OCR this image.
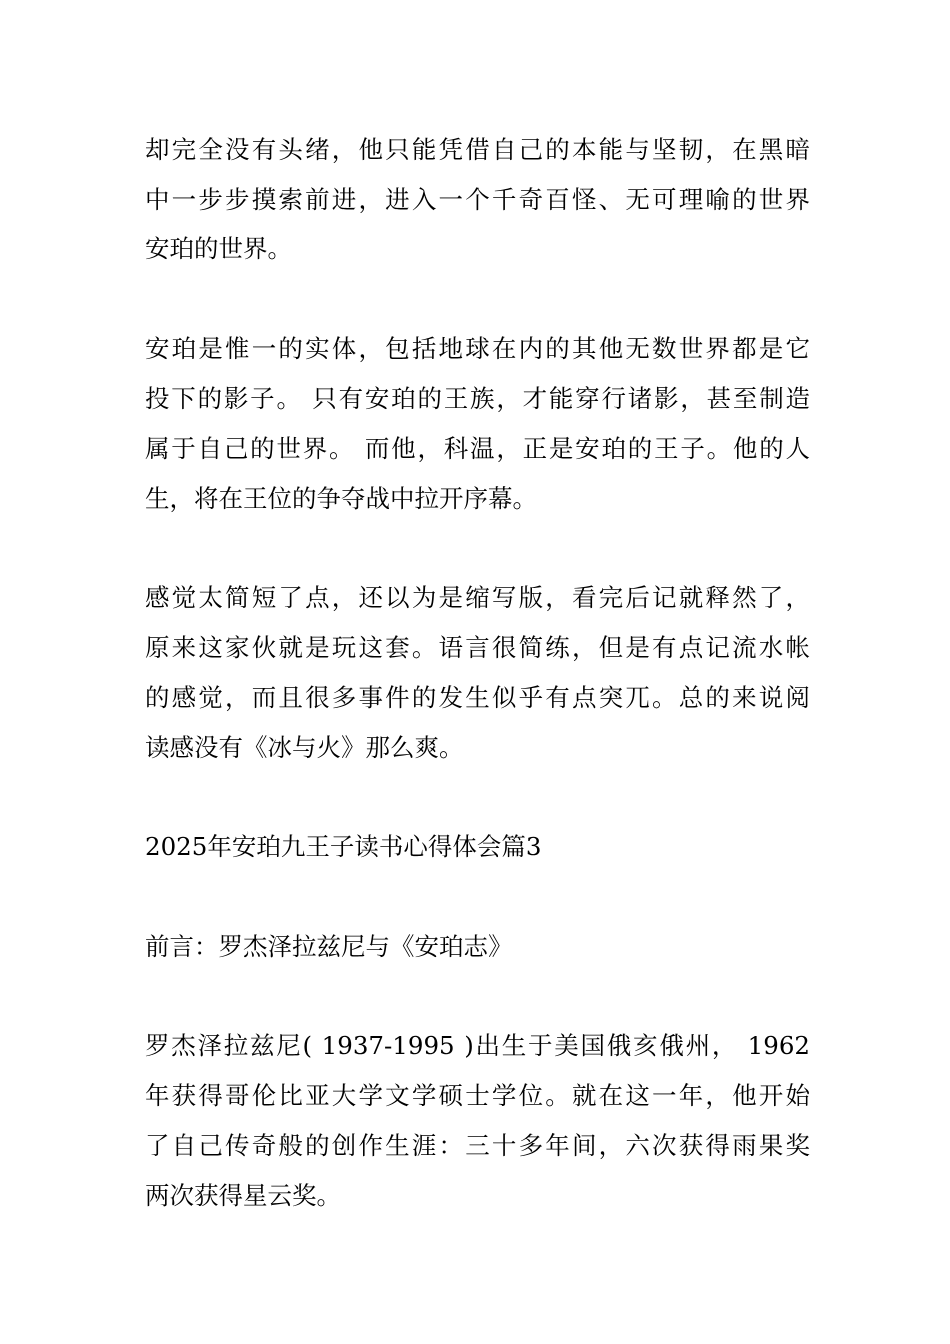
却完全没有头绪，他只能凭借自己的本能与坚韧，在黑暗
中一步步摸索前进，进入一个千奇百怪、无可理喻的世界
安珀的世界。
安珀是惟一的实体，包括地球在内的其他无数世界都是它
投下的影子。 只有安珀的王族，才能穿行诸影，甚至制造
属于自己的世界。 而他，科温，正是安珀的王子。他的人
生，将在王位的争夺战中拉开序幕。
感觉太简短了点，还以为是缩写版，看完后记就释然了，
原来这家伙就是玩这套。语言很简练，但是有点记流水帐
的感觉，而且很多事件的发生似乎有点突兀。总的来说阅
读感没有《冰与火》那么爽。
2025年安珀九王子读书心得体会篇3
前言：罗杰泽拉兹尼与《安珀志》
罗杰泽拉兹尼( 1937-1995 )出生于美国俄亥俄州， 1962
年获得哥伦比亚大学文学硕士学位。就在这一年，他开始
了自己传奇般的创作生涯：三十多年间，六次获得雨果奖
两次获得星云奖。
